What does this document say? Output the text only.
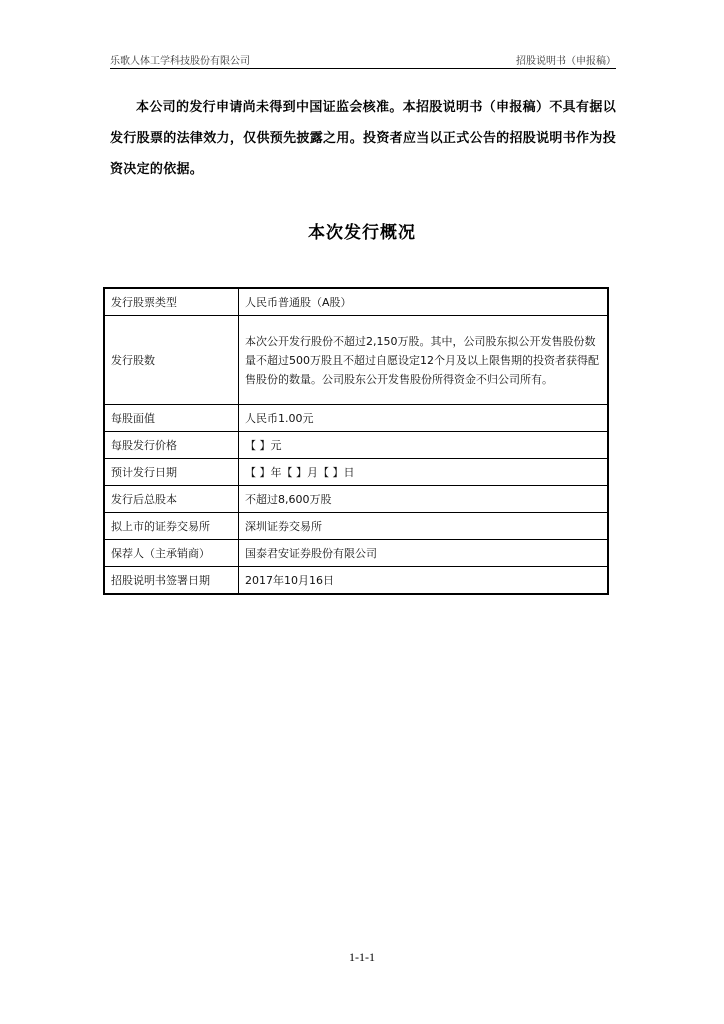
乐歌人体工学科技股份有限公司	招股说明书（申报稿）
本公司的发行申请尚未得到中国证监会核准。本招股说明书（申报稿）不具有据以发行股票的法律效力，仅供预先披露之用。投资者应当以正式公告的招股说明书作为投资决定的依据。
本次发行概况
发行股票类型	人民币普通股（A股）
发行股数	本次公开发行股份不超过2,150万股。其中，公司股东拟公开发售股份数量不超过500万股且不超过自愿设定12个月及以上限售期的投资者获得配售股份的数量。公司股东公开发售股份所得资金不归公司所有。
每股面值	人民币1.00元
每股发行价格	【 】元
预计发行日期	【 】年【 】月【 】日
发行后总股本	不超过8,600万股
拟上市的证券交易所	深圳证券交易所
保荐人（主承销商）	国泰君安证券股份有限公司
招股说明书签署日期	2017年10月16日
1-1-1
